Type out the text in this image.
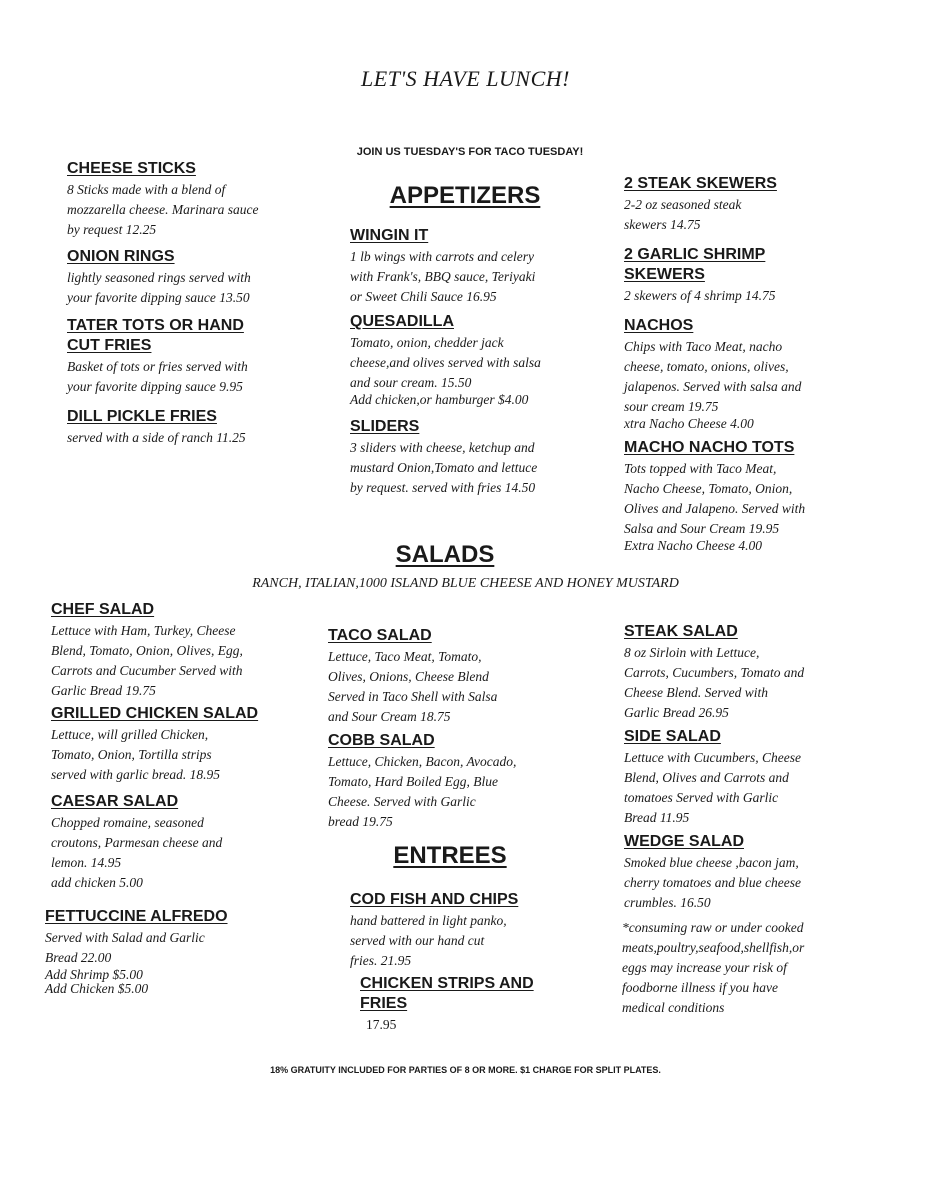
LET'S HAVE LUNCH!
JOIN US TUESDAY'S FOR TACO TUESDAY!
APPETIZERS
CHEESE STICKS
8 Sticks made with a blend of
mozzarella cheese. Marinara sauce
by request 12.25
ONION RINGS
lightly seasoned rings served with
your favorite dipping sauce 13.50
TATER TOTS OR HAND
CUT FRIES
Basket of tots or fries served with
your favorite dipping sauce 9.95
DILL PICKLE FRIES
served with a side of ranch 11.25
WINGIN IT
1 lb wings with carrots and celery
with Frank's, BBQ sauce, Teriyaki
or Sweet Chili Sauce 16.95
QUESADILLA
Tomato, onion, chedder jack
cheese,and olives served with salsa
and sour cream. 15.50
Add chicken,or hamburger $4.00
SLIDERS
3 sliders with cheese, ketchup and
mustard Onion,Tomato and lettuce
by request. served with fries 14.50
2 STEAK SKEWERS
2-2 oz seasoned steak
skewers 14.75
2 GARLIC SHRIMP
SKEWERS
2 skewers of 4 shrimp 14.75
NACHOS
Chips with Taco Meat, nacho
cheese, tomato, onions, olives,
jalapenos. Served with salsa and
sour cream 19.75
xtra Nacho Cheese 4.00
MACHO NACHO TOTS
Tots topped with Taco Meat,
Nacho Cheese, Tomato, Onion,
Olives and Jalapeno. Served with
Salsa and Sour Cream 19.95
Extra Nacho Cheese 4.00
SALADS
RANCH, ITALIAN,1000 ISLAND BLUE CHEESE AND HONEY MUSTARD
CHEF SALAD
Lettuce with Ham, Turkey, Cheese
Blend, Tomato, Onion, Olives, Egg,
Carrots and Cucumber Served with
Garlic Bread 19.75
GRILLED CHICKEN SALAD
Lettuce, will grilled Chicken,
Tomato, Onion, Tortilla strips
served with garlic bread. 18.95
CAESAR SALAD
Chopped romaine, seasoned
croutons, Parmesan cheese and
lemon. 14.95
add chicken 5.00
FETTUCCINE ALFREDO
Served with Salad and Garlic
Bread 22.00
Add Shrimp $5.00
Add Chicken $5.00
TACO SALAD
Lettuce, Taco Meat, Tomato,
Olives, Onions, Cheese Blend
Served in Taco Shell with Salsa
and Sour Cream 18.75
COBB SALAD
Lettuce, Chicken, Bacon, Avocado,
Tomato, Hard Boiled Egg, Blue
Cheese. Served with Garlic
bread 19.75
STEAK SALAD
8 oz Sirloin with Lettuce,
Carrots, Cucumbers, Tomato and
Cheese Blend. Served with
Garlic Bread 26.95
SIDE SALAD
Lettuce with Cucumbers, Cheese
Blend, Olives and Carrots and
tomatoes Served with Garlic
Bread 11.95
WEDGE SALAD
Smoked blue cheese ,bacon jam,
cherry tomatoes and blue cheese
crumbles. 16.50
*consuming raw or under cooked
meats,poultry,seafood,shellfish,or
eggs may increase your risk of
foodborne illness if you have
medical conditions
ENTREES
COD FISH AND CHIPS
hand battered in light panko,
served with our hand cut
fries. 21.95
CHICKEN STRIPS AND
FRIES
17.95
18% GRATUITY INCLUDED FOR PARTIES OF 8 OR MORE. $1 CHARGE FOR SPLIT PLATES.
